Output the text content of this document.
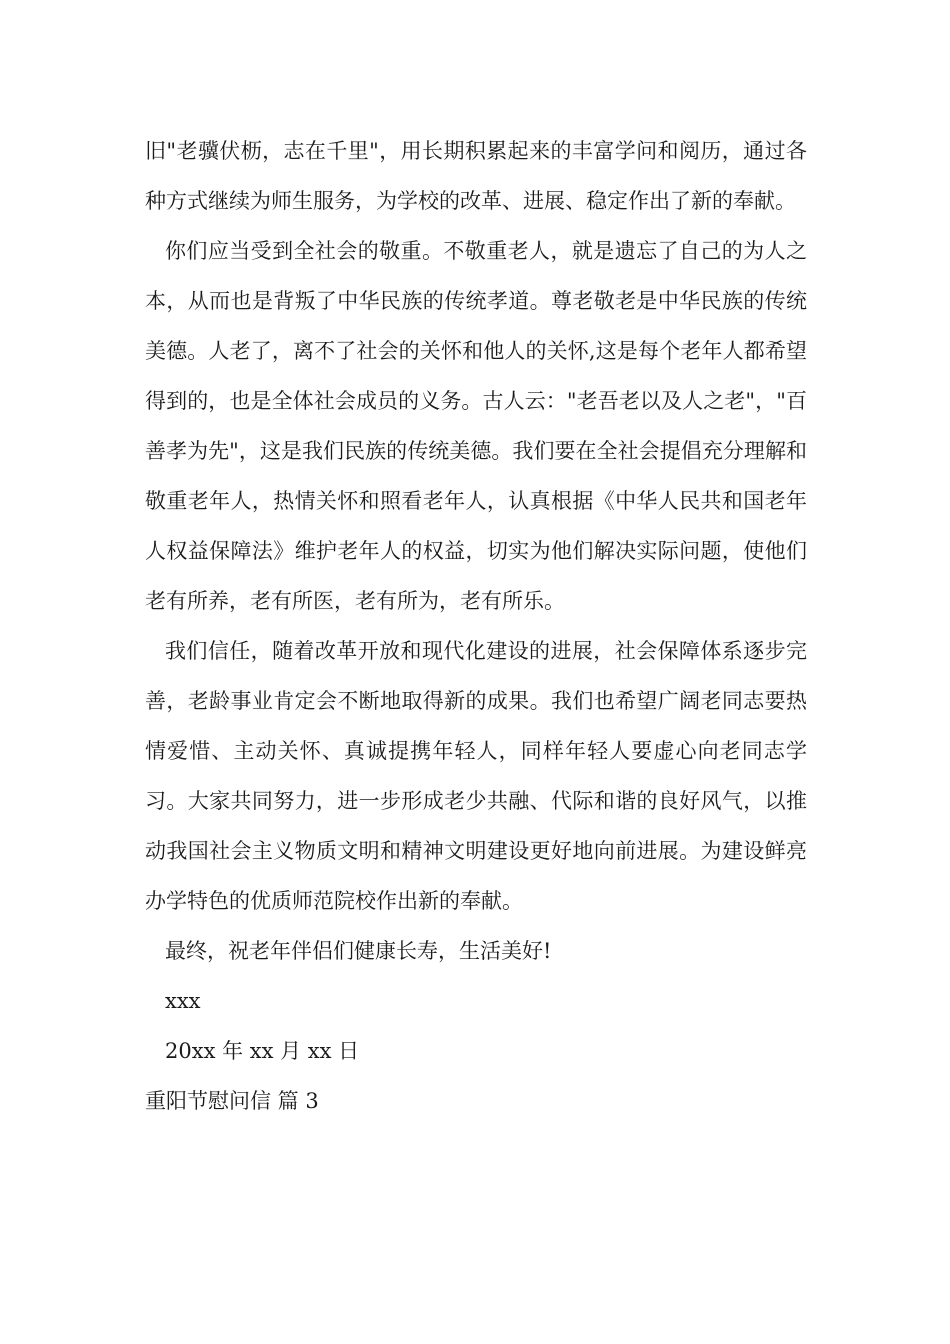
旧"老骥伏枥，志在千里"，用长期积累起来的丰富学问和阅历，通过各种方式继续为师生服务，为学校的改革、进展、稳定作出了新的奉献。

你们应当受到全社会的敬重。不敬重老人，就是遗忘了自己的为人之本，从而也是背叛了中华民族的传统孝道。尊老敬老是中华民族的传统美德。人老了，离不了社会的关怀和他人的关怀,这是每个老年人都希望得到的，也是全体社会成员的义务。古人云："老吾老以及人之老"，"百善孝为先"，这是我们民族的传统美德。我们要在全社会提倡充分理解和敬重老年人，热情关怀和照看老年人，认真根据《中华人民共和国老年人权益保障法》维护老年人的权益，切实为他们解决实际问题，使他们老有所养，老有所医，老有所为，老有所乐。

我们信任，随着改革开放和现代化建设的进展，社会保障体系逐步完善，老龄事业肯定会不断地取得新的成果。我们也希望广阔老同志要热情爱惜、主动关怀、真诚提携年轻人，同样年轻人要虚心向老同志学习。大家共同努力，进一步形成老少共融、代际和谐的良好风气，以推动我国社会主义物质文明和精神文明建设更好地向前进展。为建设鲜亮办学特色的优质师范院校作出新的奉献。

最终，祝老年伴侣们健康长寿，生活美好!

xxx

20xx 年 xx 月 xx 日

重阳节慰问信 篇 3
